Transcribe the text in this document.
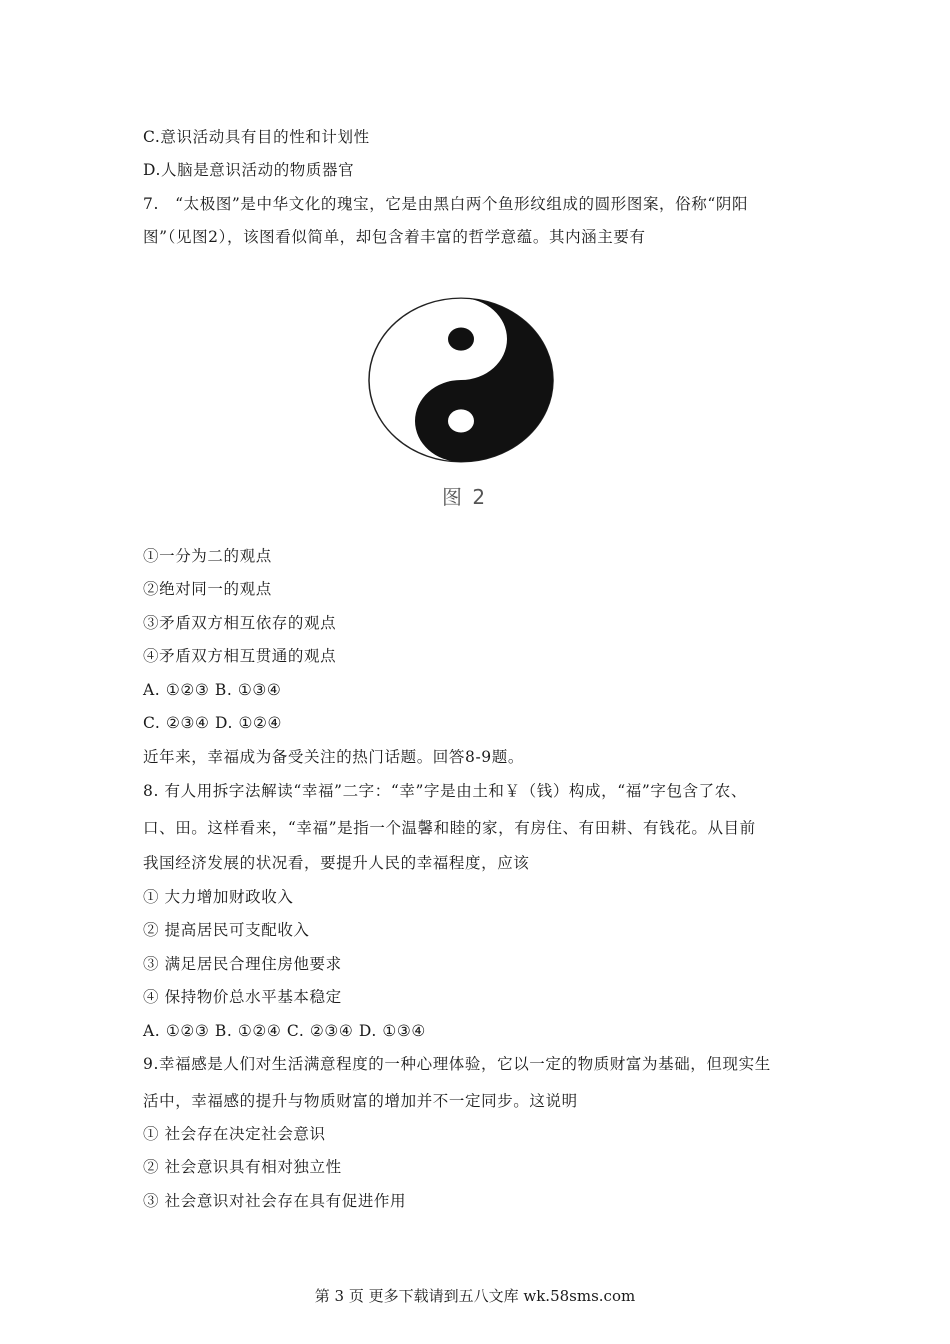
C.意识活动具有目的性和计划性
D.人脑是意识活动的物质器官
7.　“太极图”是中华文化的瑰宝，它是由黑白两个鱼形纹组成的圆形图案，俗称“阴阳
图”（见图2），该图看似简单，却包含着丰富的哲学意蕴。其内涵主要有
图 2
①一分为二的观点
②绝对同一的观点
③矛盾双方相互依存的观点
④矛盾双方相互贯通的观点
A. ①②③ B. ①③④
C. ②③④ D. ①②④
近年来，幸福成为备受关注的热门话题。回答8-9题。
8. 有人用拆字法解读“幸福”二字：“幸”字是由土和￥（钱）构成，“福”字包含了农、
口、田。这样看来，“幸福”是指一个温馨和睦的家，有房住、有田耕、有钱花。从目前
我国经济发展的状况看，要提升人民的幸福程度，应该
① 大力增加财政收入
② 提高居民可支配收入
③ 满足居民合理住房他要求
④ 保持物价总水平基本稳定
A. ①②③ B. ①②④ C. ②③④ D. ①③④
9.幸福感是人们对生活满意程度的一种心理体验，它以一定的物质财富为基础，但现实生
活中，幸福感的提升与物质财富的增加并不一定同步。这说明
① 社会存在决定社会意识
② 社会意识具有相对独立性
③ 社会意识对社会存在具有促进作用
第 3 页 更多下载请到五八文库 wk.58sms.com
